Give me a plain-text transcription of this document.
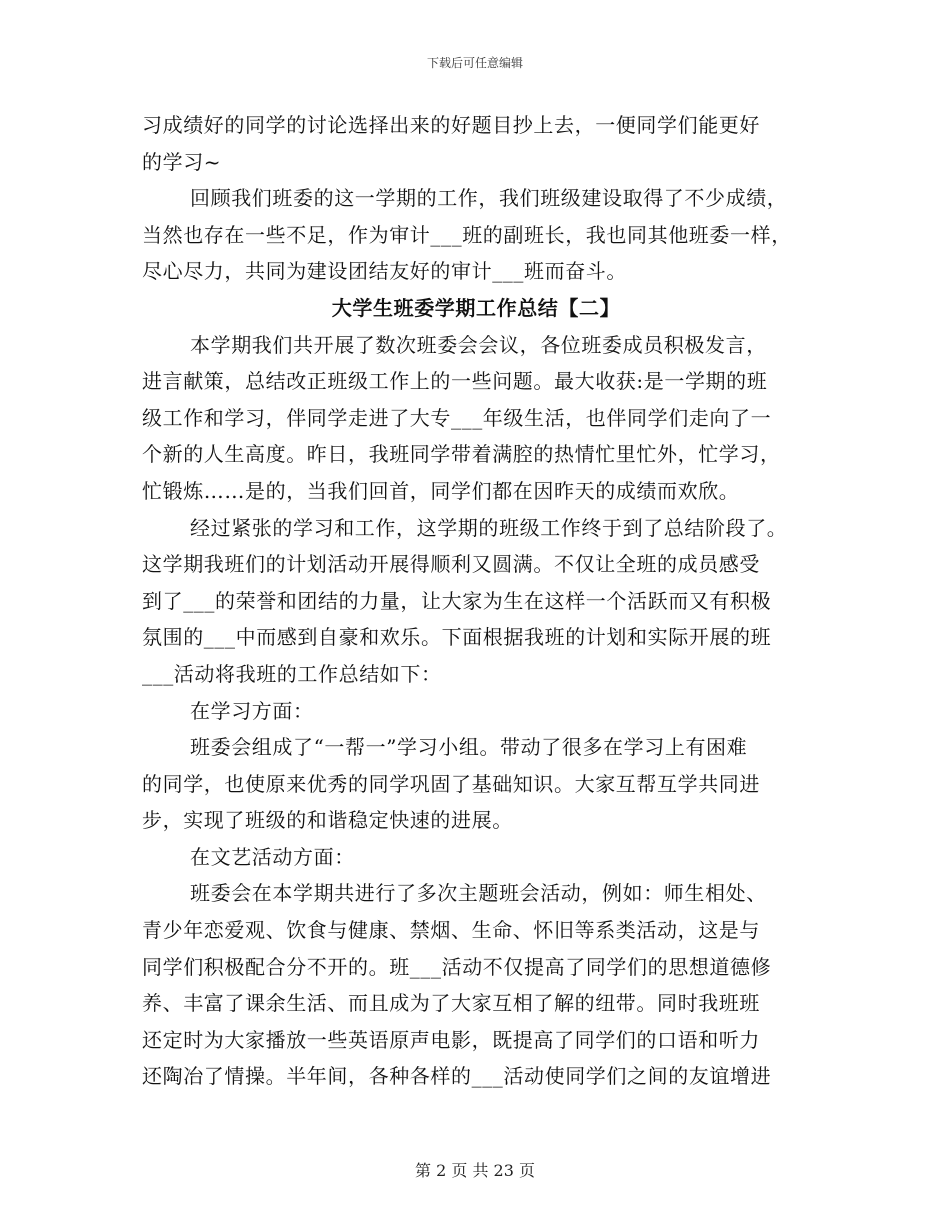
下载后可任意编辑
习成绩好的同学的讨论选择出来的好题目抄上去，一便同学们能更好
的学习~
回顾我们班委的这一学期的工作，我们班级建设取得了不少成绩，
当然也存在一些不足，作为审计___班的副班长，我也同其他班委一样，
尽心尽力，共同为建设团结友好的审计___班而奋斗。
大学生班委学期工作总结【二】
本学期我们共开展了数次班委会会议，各位班委成员积极发言，
进言献策，总结改正班级工作上的一些问题。最大收获:是一学期的班
级工作和学习，伴同学走进了大专___年级生活，也伴同学们走向了一
个新的人生高度。昨日，我班同学带着满腔的热情忙里忙外，忙学习，
忙锻炼……是的，当我们回首，同学们都在因昨天的成绩而欢欣。
经过紧张的学习和工作，这学期的班级工作终于到了总结阶段了。
这学期我班们的计划活动开展得顺利又圆满。不仅让全班的成员感受
到了___的荣誉和团结的力量，让大家为生在这样一个活跃而又有积极
氛围的___中而感到自豪和欢乐。下面根据我班的计划和实际开展的班
___活动将我班的工作总结如下：
在学习方面：
班委会组成了“一帮一”学习小组。带动了很多在学习上有困难
的同学，也使原来优秀的同学巩固了基础知识。大家互帮互学共同进
步，实现了班级的和谐稳定快速的进展。
在文艺活动方面：
班委会在本学期共进行了多次主题班会活动，例如：师生相处、
青少年恋爱观、饮食与健康、禁烟、生命、怀旧等系类活动，这是与
同学们积极配合分不开的。班___活动不仅提高了同学们的思想道德修
养、丰富了课余生活、而且成为了大家互相了解的纽带。同时我班班
还定时为大家播放一些英语原声电影，既提高了同学们的口语和听力
还陶冶了情操。半年间，各种各样的___活动使同学们之间的友谊增进
第 2 页 共 23 页
